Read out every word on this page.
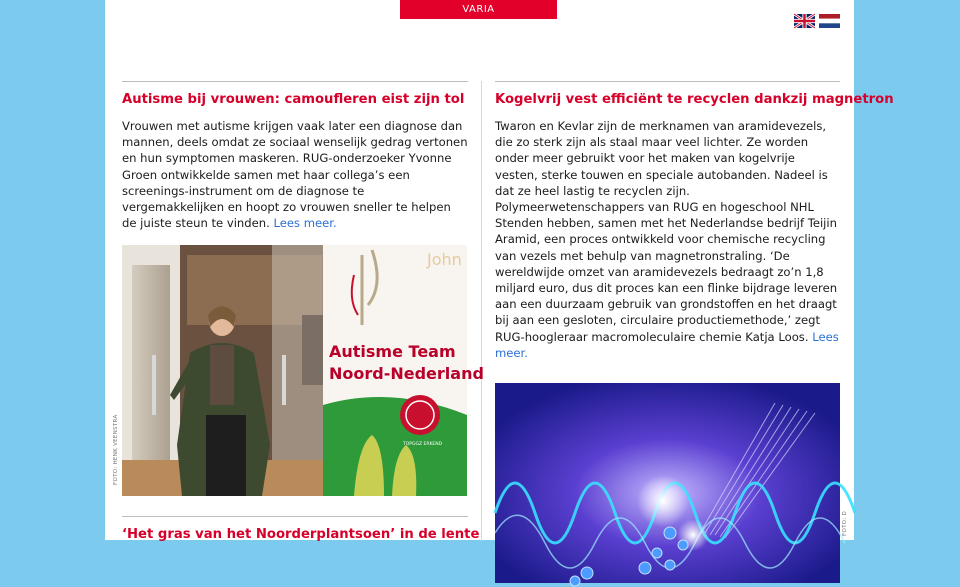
VARIA
Autisme bij vrouwen: camoufleren eist zijn tol

Vrouwen met autisme krijgen vaak later een diagnose dan mannen, deels omdat ze sociaal wenselijk gedrag vertonen en hun symptomen maskeren. RUG-onderzoeker Yvonne Groen ontwikkelde samen met haar collega’s een screenings-instrument om de diagnose te vergemakkelijken en hoopt zo vrouwen sneller te helpen de juiste steun te vinden. Lees meer.

John
Autisme Team
Noord-Nederland
TOPGGZ ERKEND
‘Het gras van het Noorderplantsoen’ in de lente
FOTO: HENK VEENSTRA
Kogelvrij vest efficiënt te recyclen dankzij magnetron

Twaron en Kevlar zijn de merknamen van aramidevezels, die zo sterk zijn als staal maar veel lichter. Ze worden onder meer gebruikt voor het maken van kogelvrije vesten, sterke touwen en speciale autobanden. Nadeel is dat ze heel lastig te recyclen zijn. Polymeerwetenschappers van RUG en hogeschool NHL Stenden hebben, samen met het Nederlandse bedrijf Teijin Aramid, een proces ontwikkeld voor chemische recycling van vezels met behulp van magnetronstraling. ‘De wereldwijde omzet van aramidevezels bedraagt zo’n 1,8 miljard euro, dus dit proces kan een flinke bijdrage leveren aan een duurzaam gebruik van grondstoffen en het draagt bij aan een gesloten, circulaire productiemethode,’ zegt RUG-hoogleraar macromoleculaire chemie Katja Loos. Lees meer.

FOTO: D
